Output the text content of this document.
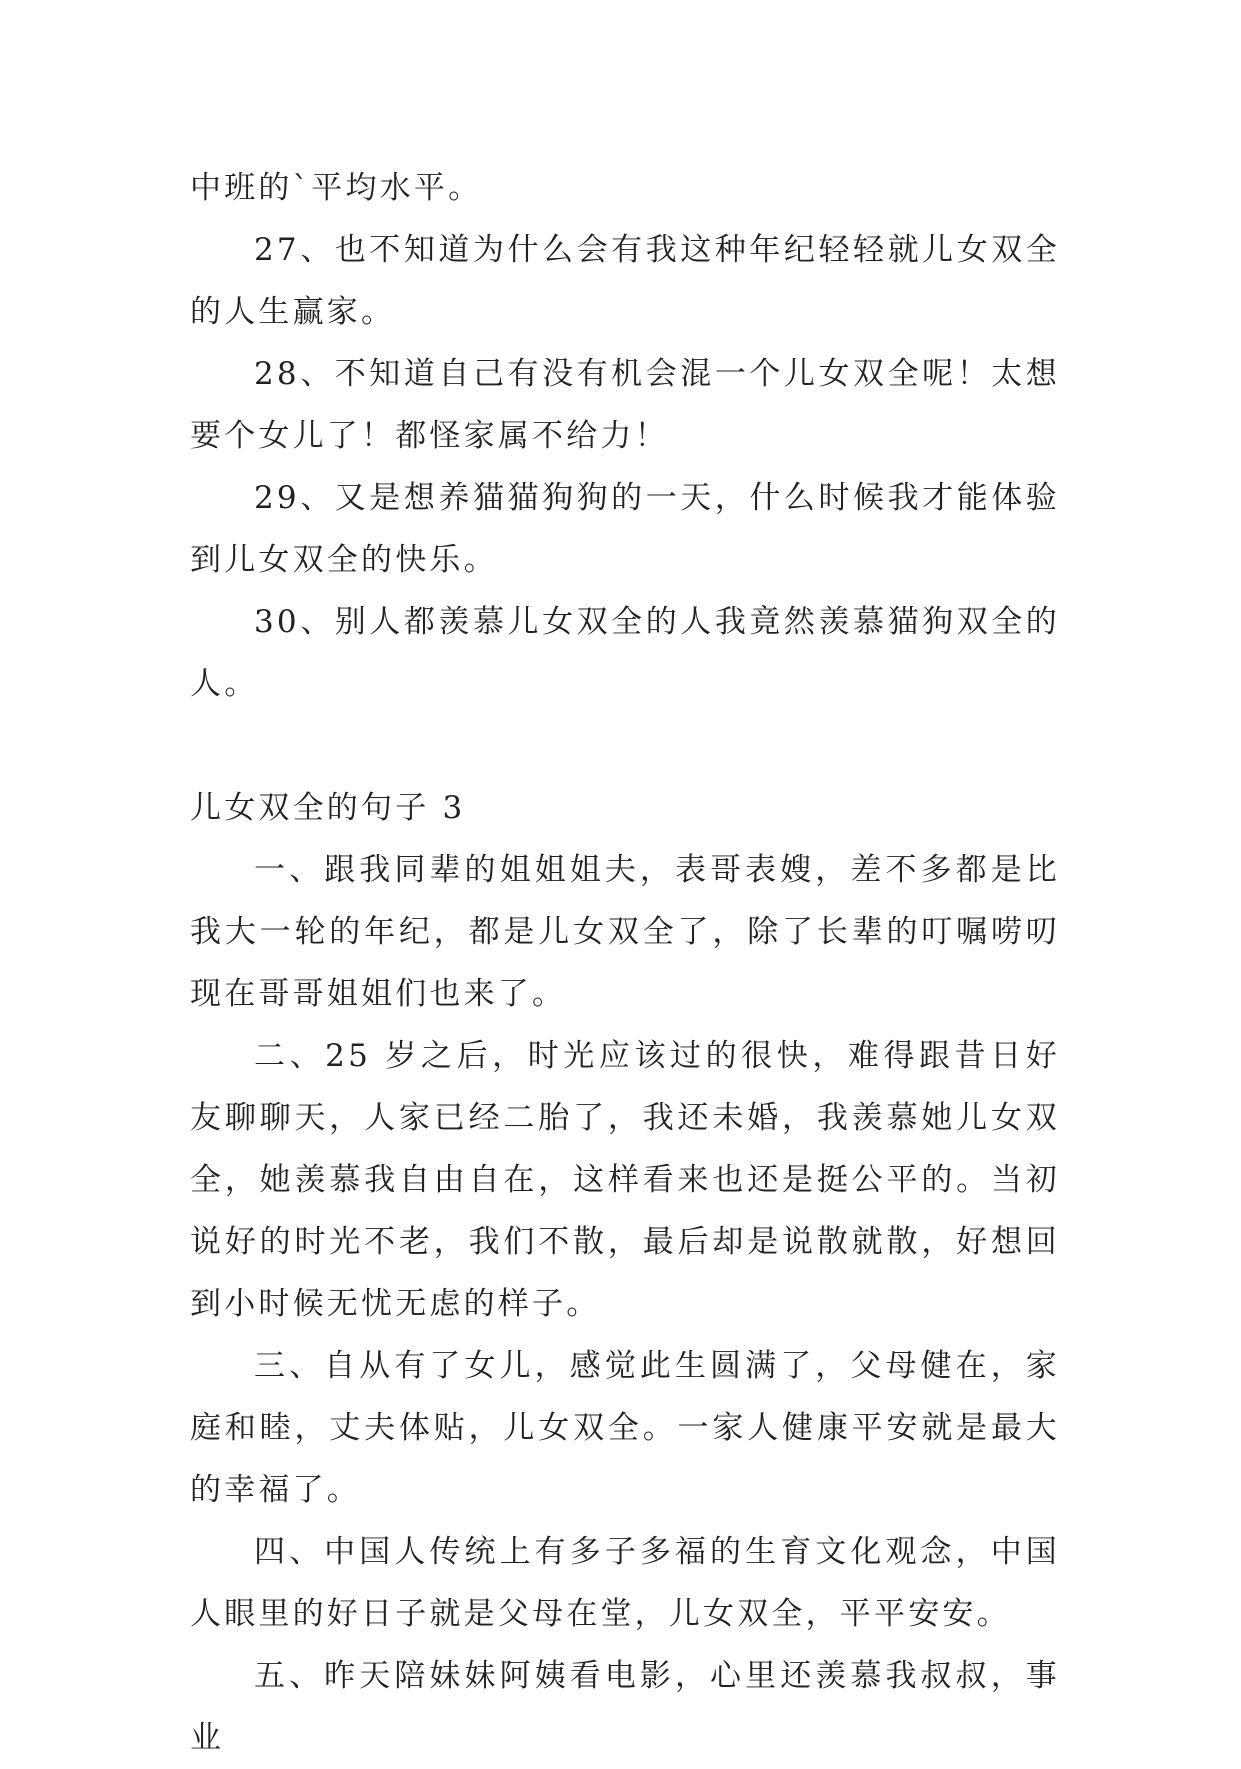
中班的`平均水平。

27、也不知道为什么会有我这种年纪轻轻就儿女双全的人生赢家。

28、不知道自己有没有机会混一个儿女双全呢！太想要个女儿了！都怪家属不给力！

29、又是想养猫猫狗狗的一天，什么时候我才能体验到儿女双全的快乐。

30、别人都羡慕儿女双全的人我竟然羡慕猫狗双全的人。

儿女双全的句子 3

一、跟我同辈的姐姐姐夫，表哥表嫂，差不多都是比我大一轮的年纪，都是儿女双全了，除了长辈的叮嘱唠叨现在哥哥姐姐们也来了。

二、25 岁之后，时光应该过的很快，难得跟昔日好友聊聊天，人家已经二胎了，我还未婚，我羡慕她儿女双全，她羡慕我自由自在，这样看来也还是挺公平的。当初说好的时光不老，我们不散，最后却是说散就散，好想回到小时候无忧无虑的样子。

三、自从有了女儿，感觉此生圆满了，父母健在，家庭和睦，丈夫体贴，儿女双全。一家人健康平安就是最大的幸福了。

四、中国人传统上有多子多福的生育文化观念，中国人眼里的好日子就是父母在堂，儿女双全，平平安安。

五、昨天陪妹妹阿姨看电影，心里还羡慕我叔叔，事业
